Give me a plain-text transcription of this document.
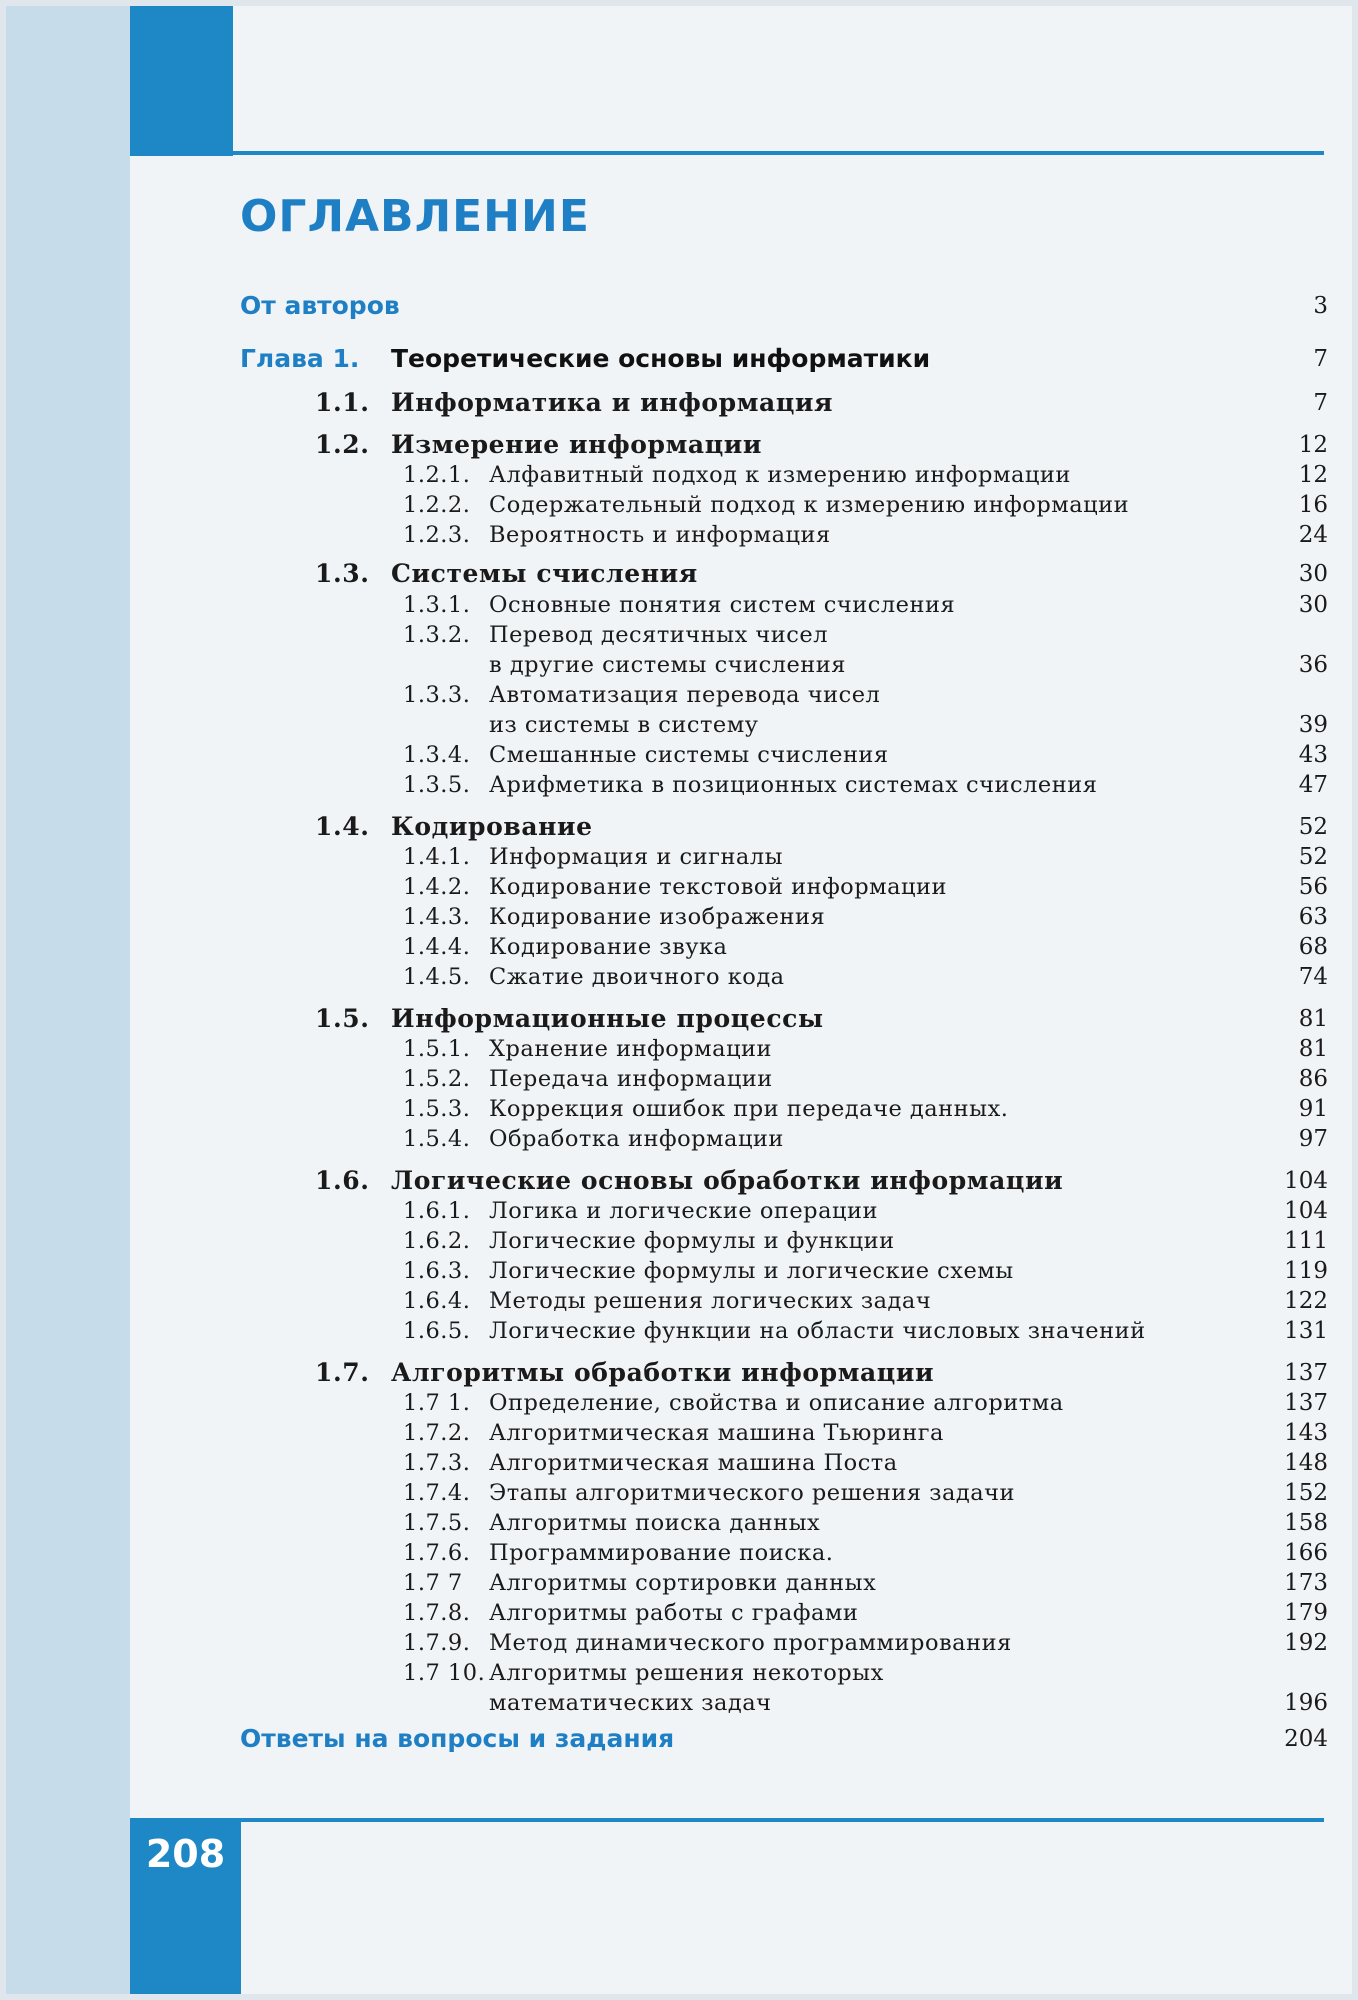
ОГЛАВЛЕНИЕ
От авторов	3
Глава 1. Теоретические основы информатики	7
1.1. Информатика и информация	7
1.2. Измерение информации	12
1.2.1. Алфавитный подход к измерению информации	12
1.2.2. Содержательный подход к измерению информации	16
1.2.3. Вероятность и информация	24
1.3. Системы счисления	30
1.3.1. Основные понятия систем счисления	30
1.3.2. Перевод десятичных чисел
в другие системы счисления	36
1.3.3. Автоматизация перевода чисел
из системы в систему	39
1.3.4. Смешанные системы счисления	43
1.3.5. Арифметика в позиционных системах счисления	47
1.4. Кодирование	52
1.4.1. Информация и сигналы	52
1.4.2. Кодирование текстовой информации	56
1.4.3. Кодирование изображения	63
1.4.4. Кодирование звука	68
1.4.5. Сжатие двоичного кода	74
1.5. Информационные процессы	81
1.5.1. Хранение информации	81
1.5.2. Передача информации	86
1.5.3. Коррекция ошибок при передаче данных.	91
1.5.4. Обработка информации	97
1.6. Логические основы обработки информации	104
1.6.1. Логика и логические операции	104
1.6.2. Логические формулы и функции	111
1.6.3. Логические формулы и логические схемы	119
1.6.4. Методы решения логических задач	122
1.6.5. Логические функции на области числовых значений	131
1.7. Алгоритмы обработки информации	137
1.7 1. Определение, свойства и описание алгоритма	137
1.7.2. Алгоритмическая машина Тьюринга	143
1.7.3. Алгоритмическая машина Поста	148
1.7.4. Этапы алгоритмического решения задачи	152
1.7.5. Алгоритмы поиска данных	158
1.7.6. Программирование поиска.	166
1.7 7 Алгоритмы сортировки данных	173
1.7.8. Алгоритмы работы с графами	179
1.7.9. Метод динамического программирования	192
1.7 10. Алгоритмы решения некоторых
математических задач	196
Ответы на вопросы и задания	204
208
